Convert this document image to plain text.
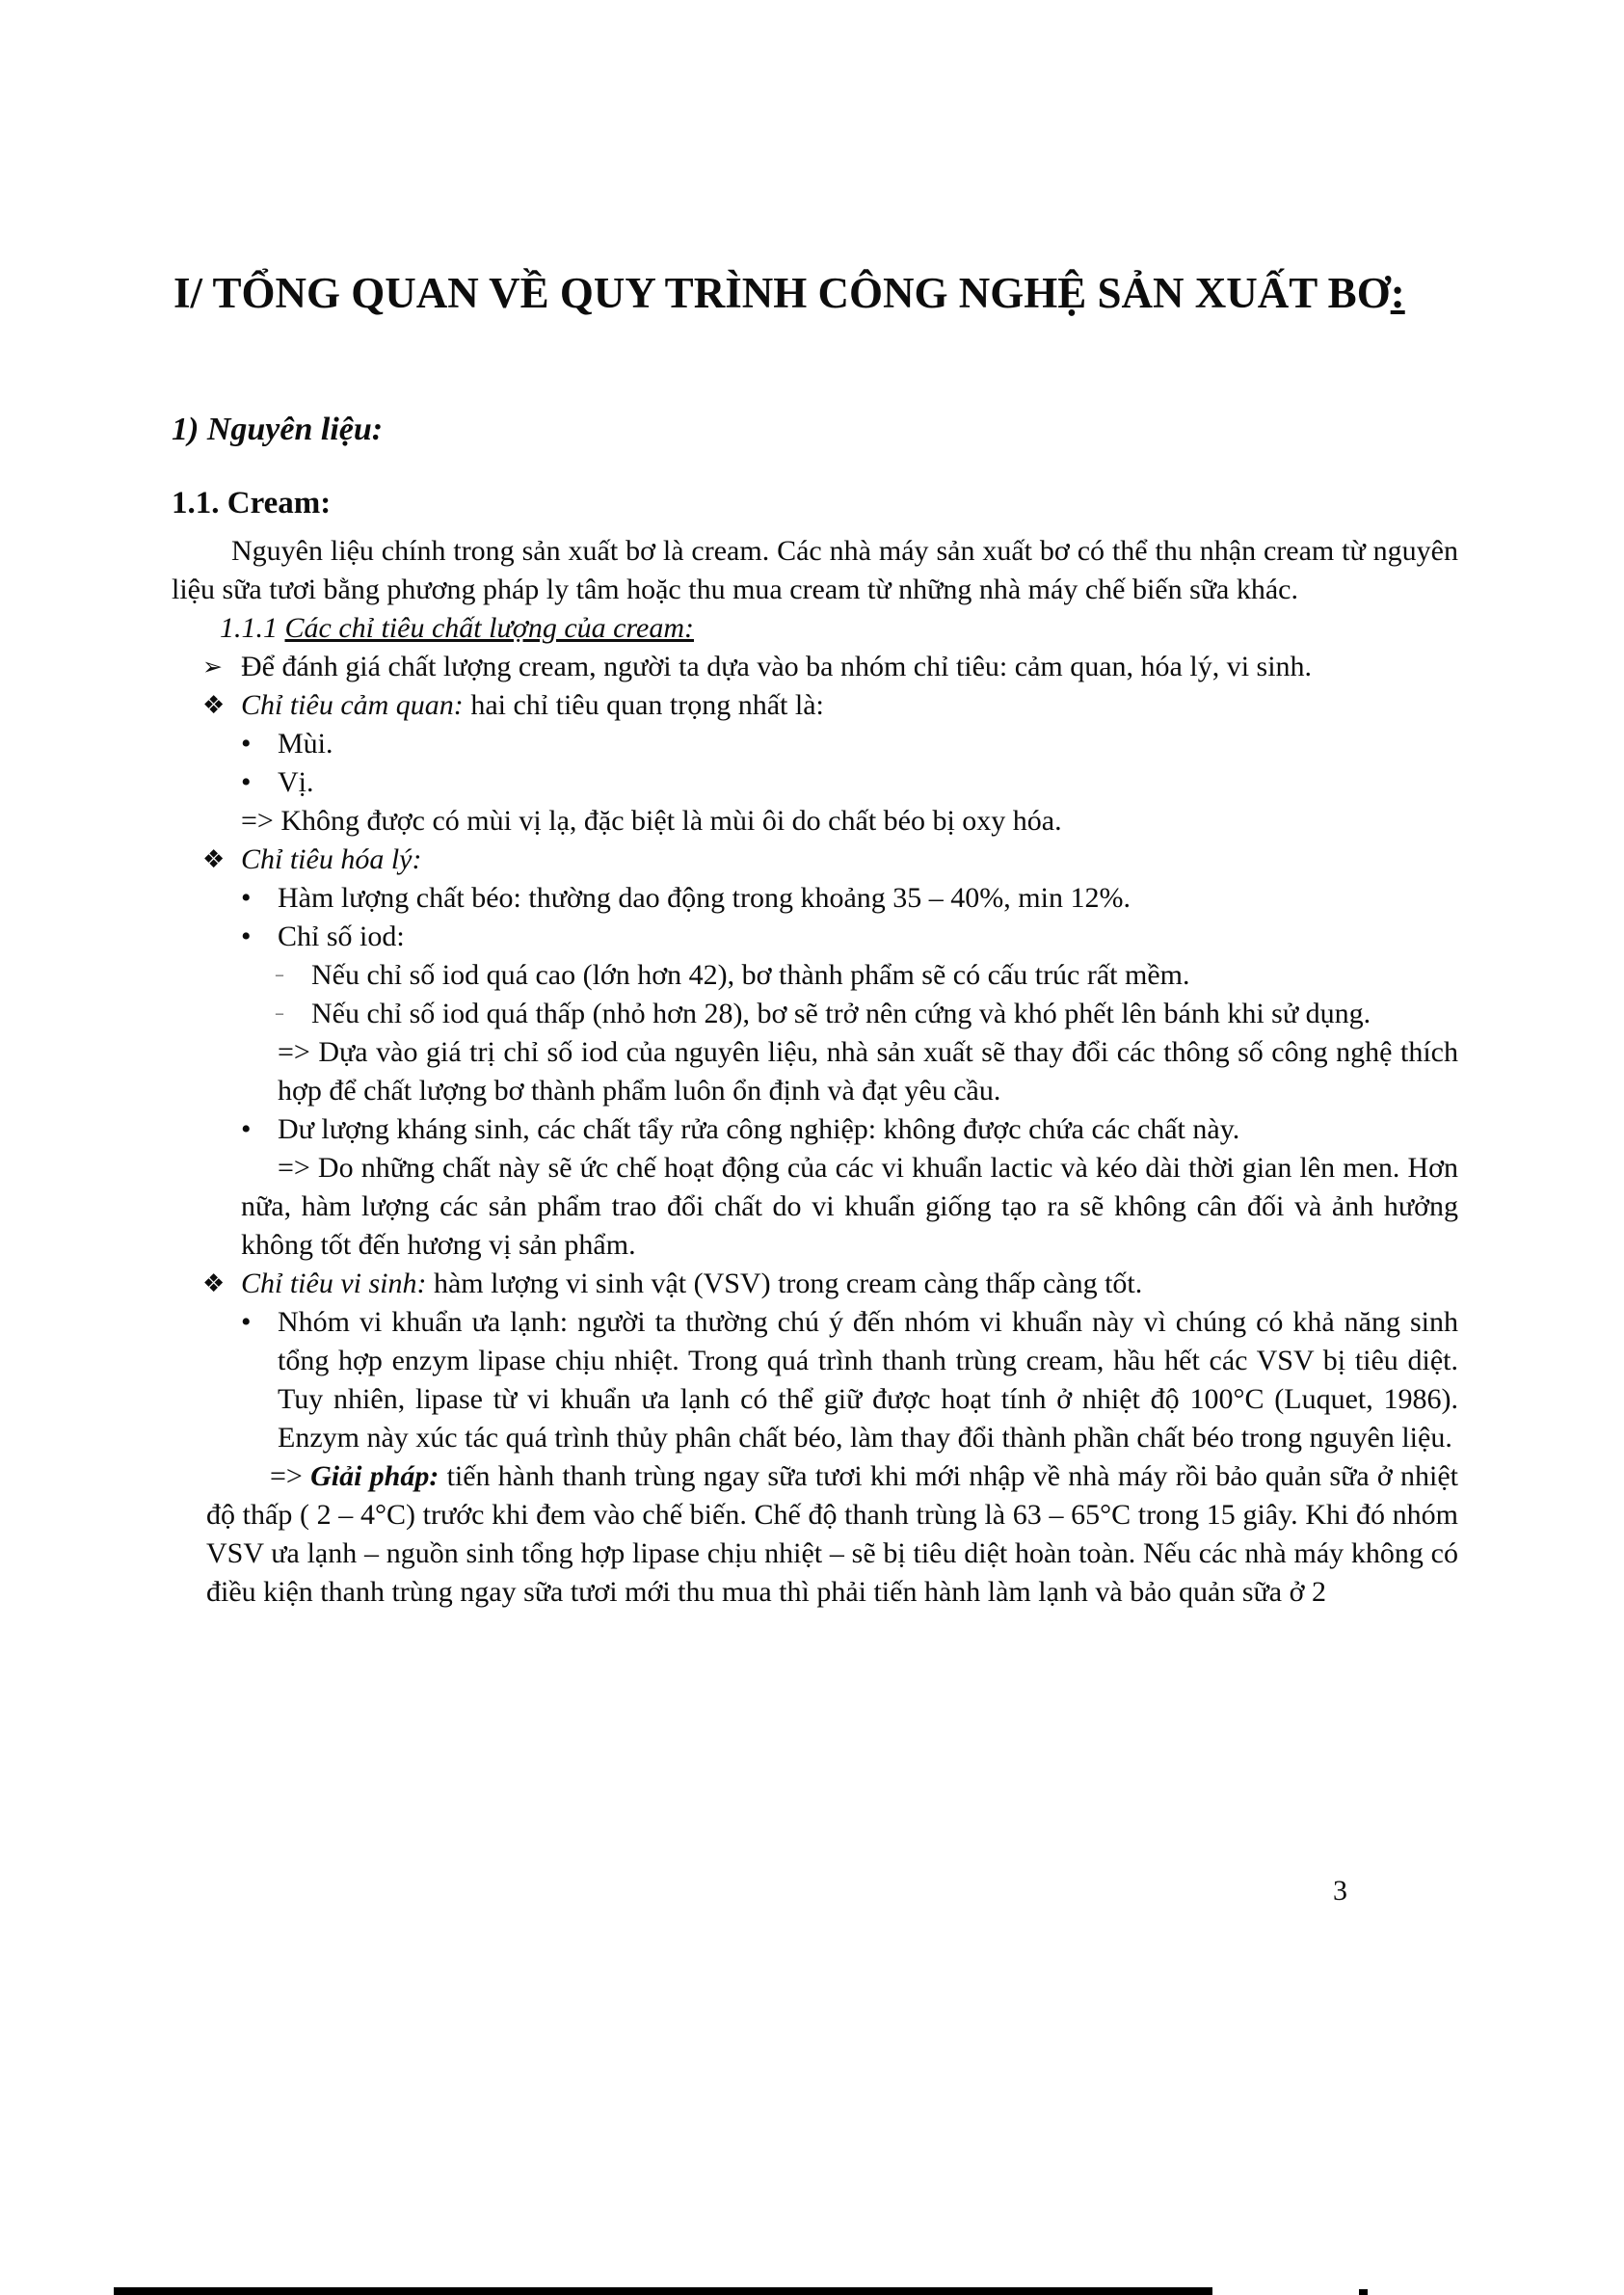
I/ TỔNG QUAN VỀ QUY TRÌNH CÔNG NGHỆ SẢN XUẤT BƠ:
1) Nguyên liệu:
1.1. Cream:

Nguyên liệu chính trong sản xuất bơ là cream. Các nhà máy sản xuất bơ có thể thu nhận cream từ nguyên liệu sữa tươi bằng phương pháp ly tâm hoặc thu mua cream từ những nhà máy chế biến sữa khác.

1.1.1 Các chỉ tiêu chất lượng của cream:
➢ Để đánh giá chất lượng cream, người ta dựa vào ba nhóm chỉ tiêu: cảm quan, hóa lý, vi sinh.
❖ Chỉ tiêu cảm quan: hai chỉ tiêu quan trọng nhất là:
• Mùi.
• Vị.
=> Không được có mùi vị lạ, đặc biệt là mùi ôi do chất béo bị oxy hóa.
❖ Chỉ tiêu hóa lý:
• Hàm lượng chất béo: thường dao động trong khoảng 35 – 40%, min 12%.
• Chỉ số iod:
– Nếu chỉ số iod quá cao (lớn hơn 42), bơ thành phẩm sẽ có cấu trúc rất mềm.
– Nếu chỉ số iod quá thấp (nhỏ hơn 28), bơ sẽ trở nên cứng và khó phết lên bánh khi sử dụng.
=> Dựa vào giá trị chỉ số iod của nguyên liệu, nhà sản xuất sẽ thay đổi các thông số công nghệ thích hợp để chất lượng bơ thành phẩm luôn ổn định và đạt yêu cầu.
• Dư lượng kháng sinh, các chất tẩy rửa công nghiệp: không được chứa các chất này.
=> Do những chất này sẽ ức chế hoạt động của các vi khuẩn lactic và kéo dài thời gian lên men. Hơn nữa, hàm lượng các sản phẩm trao đổi chất do vi khuẩn giống tạo ra sẽ không cân đối và ảnh hưởng không tốt đến hương vị sản phẩm.
❖ Chỉ tiêu vi sinh: hàm lượng vi sinh vật (VSV) trong cream càng thấp càng tốt.
• Nhóm vi khuẩn ưa lạnh: người ta thường chú ý đến nhóm vi khuẩn này vì chúng có khả năng sinh tổng hợp enzym lipase chịu nhiệt. Trong quá trình thanh trùng cream, hầu hết các VSV bị tiêu diệt. Tuy nhiên, lipase từ vi khuẩn ưa lạnh có thể giữ được hoạt tính ở nhiệt độ 100°C (Luquet, 1986). Enzym này xúc tác quá trình thủy phân chất béo, làm thay đổi thành phần chất béo trong nguyên liệu.
=> Giải pháp: tiến hành thanh trùng ngay sữa tươi khi mới nhập về nhà máy rồi bảo quản sữa ở nhiệt độ thấp ( 2 – 4°C) trước khi đem vào chế biến. Chế độ thanh trùng là 63 – 65°C trong 15 giây. Khi đó nhóm VSV ưa lạnh – nguồn sinh tổng hợp lipase chịu nhiệt – sẽ bị tiêu diệt hoàn toàn. Nếu các nhà máy không có điều kiện thanh trùng ngay sữa tươi mới thu mua thì phải tiến hành làm lạnh và bảo quản sữa ở 2
3
